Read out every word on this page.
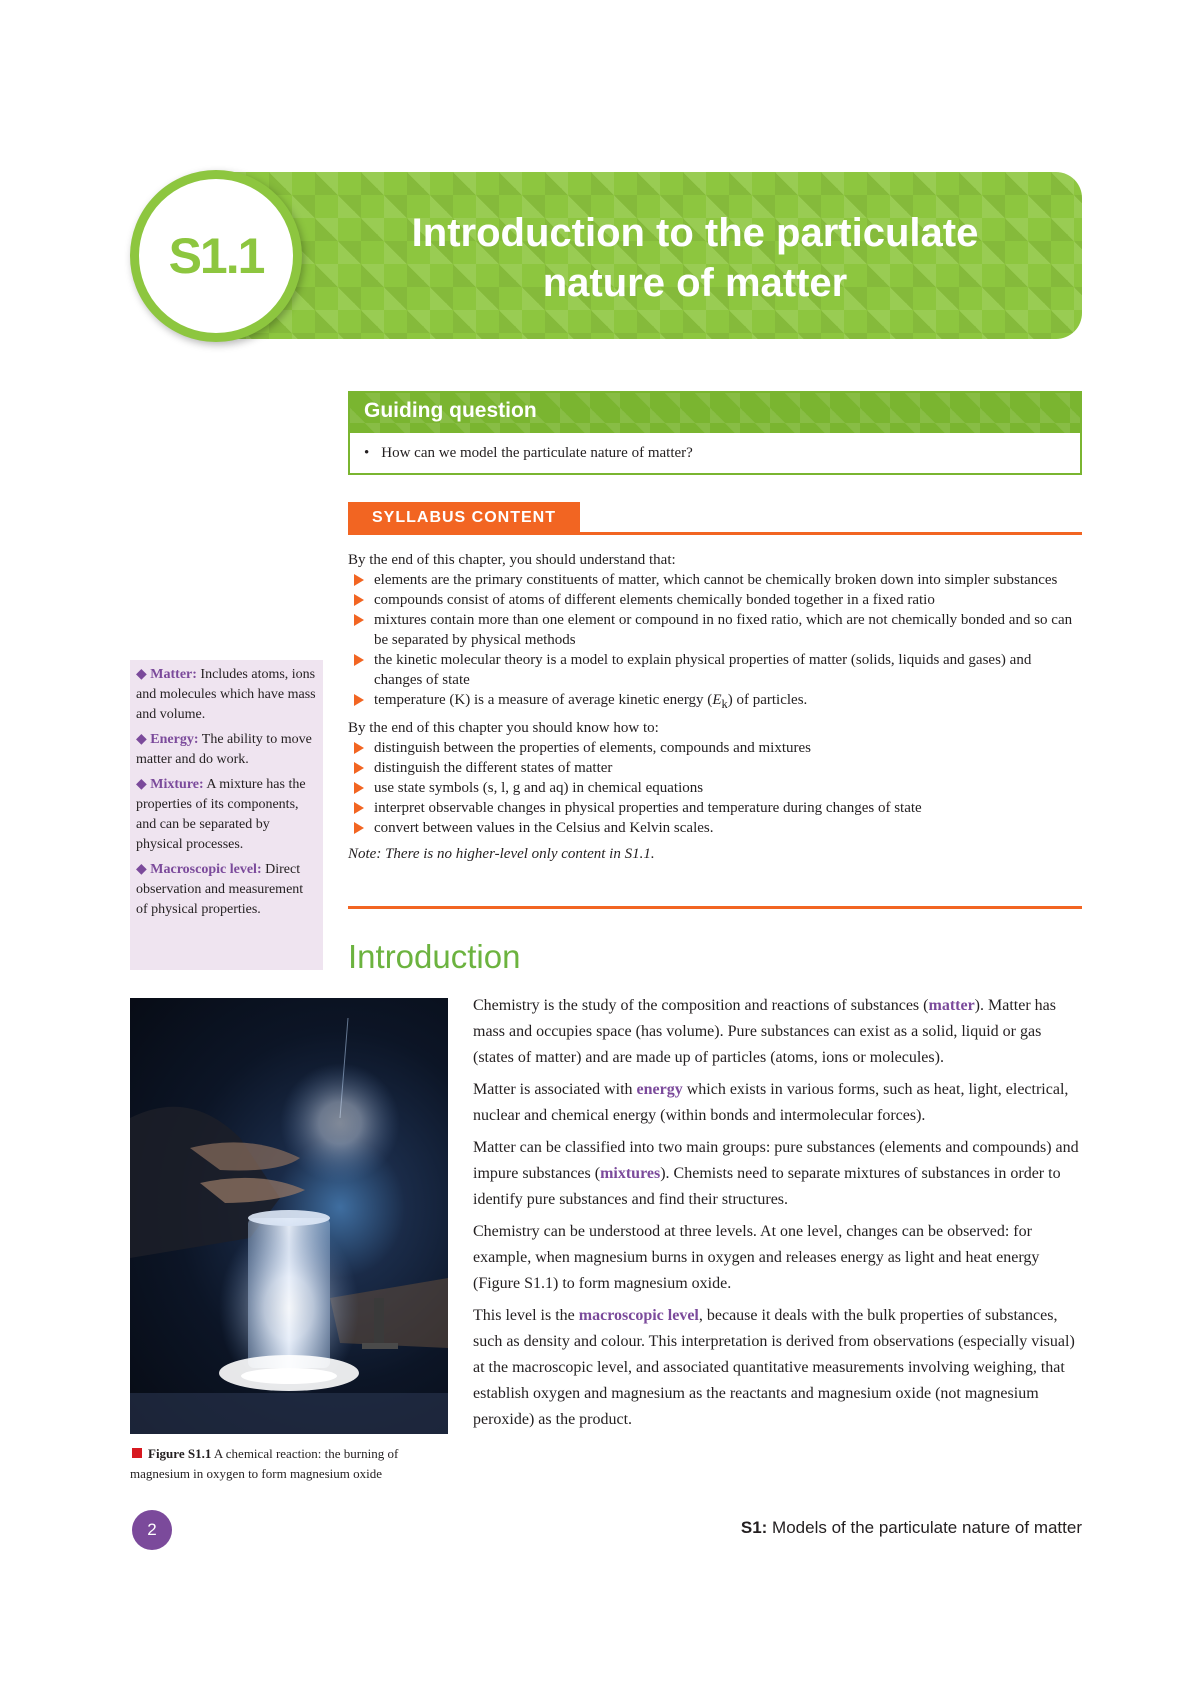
S1.1	Introduction to the particulate
nature of matter
Guiding question
• How can we model the particulate nature of matter?
SYLLABUS CONTENT

By the end of this chapter, you should understand that:

elements are the primary constituents of matter, which cannot be chemically broken down into simpler substances
compounds consist of atoms of different elements chemically bonded together in a fixed ratio
mixtures contain more than one element or compound in no fixed ratio, which are not chemically bonded and so can be separated by physical methods
the kinetic molecular theory is a model to explain physical properties of matter (solids, liquids and gases) and changes of state
temperature (K) is a measure of average kinetic energy $(E_k)$ of particles.

By the end of this chapter you should know how to:

distinguish between the properties of elements, compounds and mixtures
distinguish the different states of matter
use state symbols (s, l, g and aq) in chemical equations
interpret observable changes in physical properties and temperature during changes of state
convert between values in the Celsius and Kelvin scales.

Note: There is no higher-level only content in S1.1.

◆ Matter: Includes atoms, ions and molecules which have mass and volume.

◆ Energy: The ability to move matter and do work.

◆ Mixture: A mixture has the properties of its components, and can be separated by physical processes.

◆ Macroscopic level: Direct observation and measurement of physical properties.

Introduction
Figure S1.1 A chemical reaction: the burning of magnesium in oxygen to form magnesium oxide

Chemistry is the study of the composition and reactions of substances (matter). Matter has mass and occupies space (has volume). Pure substances can exist as a solid, liquid or gas (states of matter) and are made up of particles (atoms, ions or molecules).

Matter is associated with energy which exists in various forms, such as heat, light, electrical, nuclear and chemical energy (within bonds and intermolecular forces).

Matter can be classified into two main groups: pure substances (elements and compounds) and impure substances (mixtures). Chemists need to separate mixtures of substances in order to identify pure substances and find their structures.

Chemistry can be understood at three levels. At one level, changes can be observed: for example, when magnesium burns in oxygen and releases energy as light and heat energy (Figure S1.1) to form magnesium oxide.

This level is the macroscopic level, because it deals with the bulk properties of substances, such as density and colour. This interpretation is derived from observations (especially visual) at the macroscopic level, and associated quantitative measurements involving weighing, that establish oxygen and magnesium as the reactants and magnesium oxide (not magnesium peroxide) as the product.

2	S1: Models of the particulate nature of matter
